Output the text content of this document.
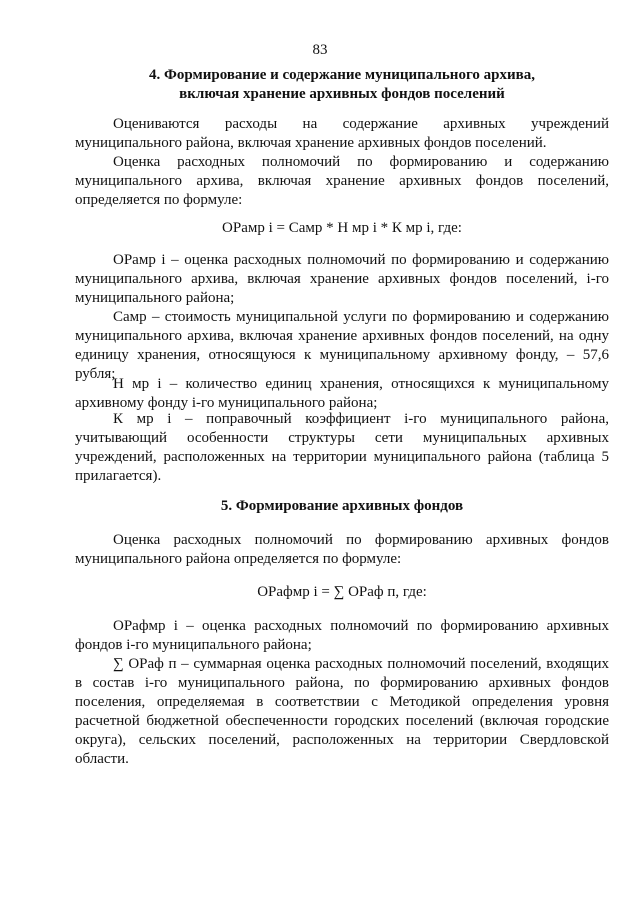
83
4. Формирование и содержание муниципального архива,
включая хранение архивных фондов поселений

Оцениваются расходы на содержание архивных учреждений муниципального района, включая хранение архивных фондов поселений.

Оценка расходных полномочий по формированию и содержанию муниципального архива, включая хранение архивных фондов поселений, определяется по формуле:

ОРамр i = Самр * Н мр i * К мр i, где:

ОРамр i – оценка расходных полномочий по формированию и содержанию муниципального архива, включая хранение архивных фондов поселений, i-го муниципального района;

Самр – стоимость муниципальной услуги по формированию и содержанию муниципального архива, включая хранение архивных фондов поселений, на одну единицу хранения, относящуюся к муниципальному архивному фонду, – 57,6 рубля;

Н мр i – количество единиц хранения, относящихся к муниципальному архивному фонду i-го муниципального района;

К мр i – поправочный коэффициент i-го муниципального района, учитывающий особенности структуры сети муниципальных архивных учреждений, расположенных на территории муниципального района (таблица 5 прилагается).

5. Формирование архивных фондов

Оценка расходных полномочий по формированию архивных фондов муниципального района определяется по формуле:

ОРафмр i = ∑ ОРаф п, где:

ОРафмр i – оценка расходных полномочий по формированию архивных фондов i-го муниципального района;

∑ ОРаф п – суммарная оценка расходных полномочий поселений, входящих в состав i-го муниципального района, по формированию архивных фондов поселения, определяемая в соответствии с Методикой определения уровня расчетной бюджетной обеспеченности городских поселений (включая городские округа), сельских поселений, расположенных на территории Свердловской области.
